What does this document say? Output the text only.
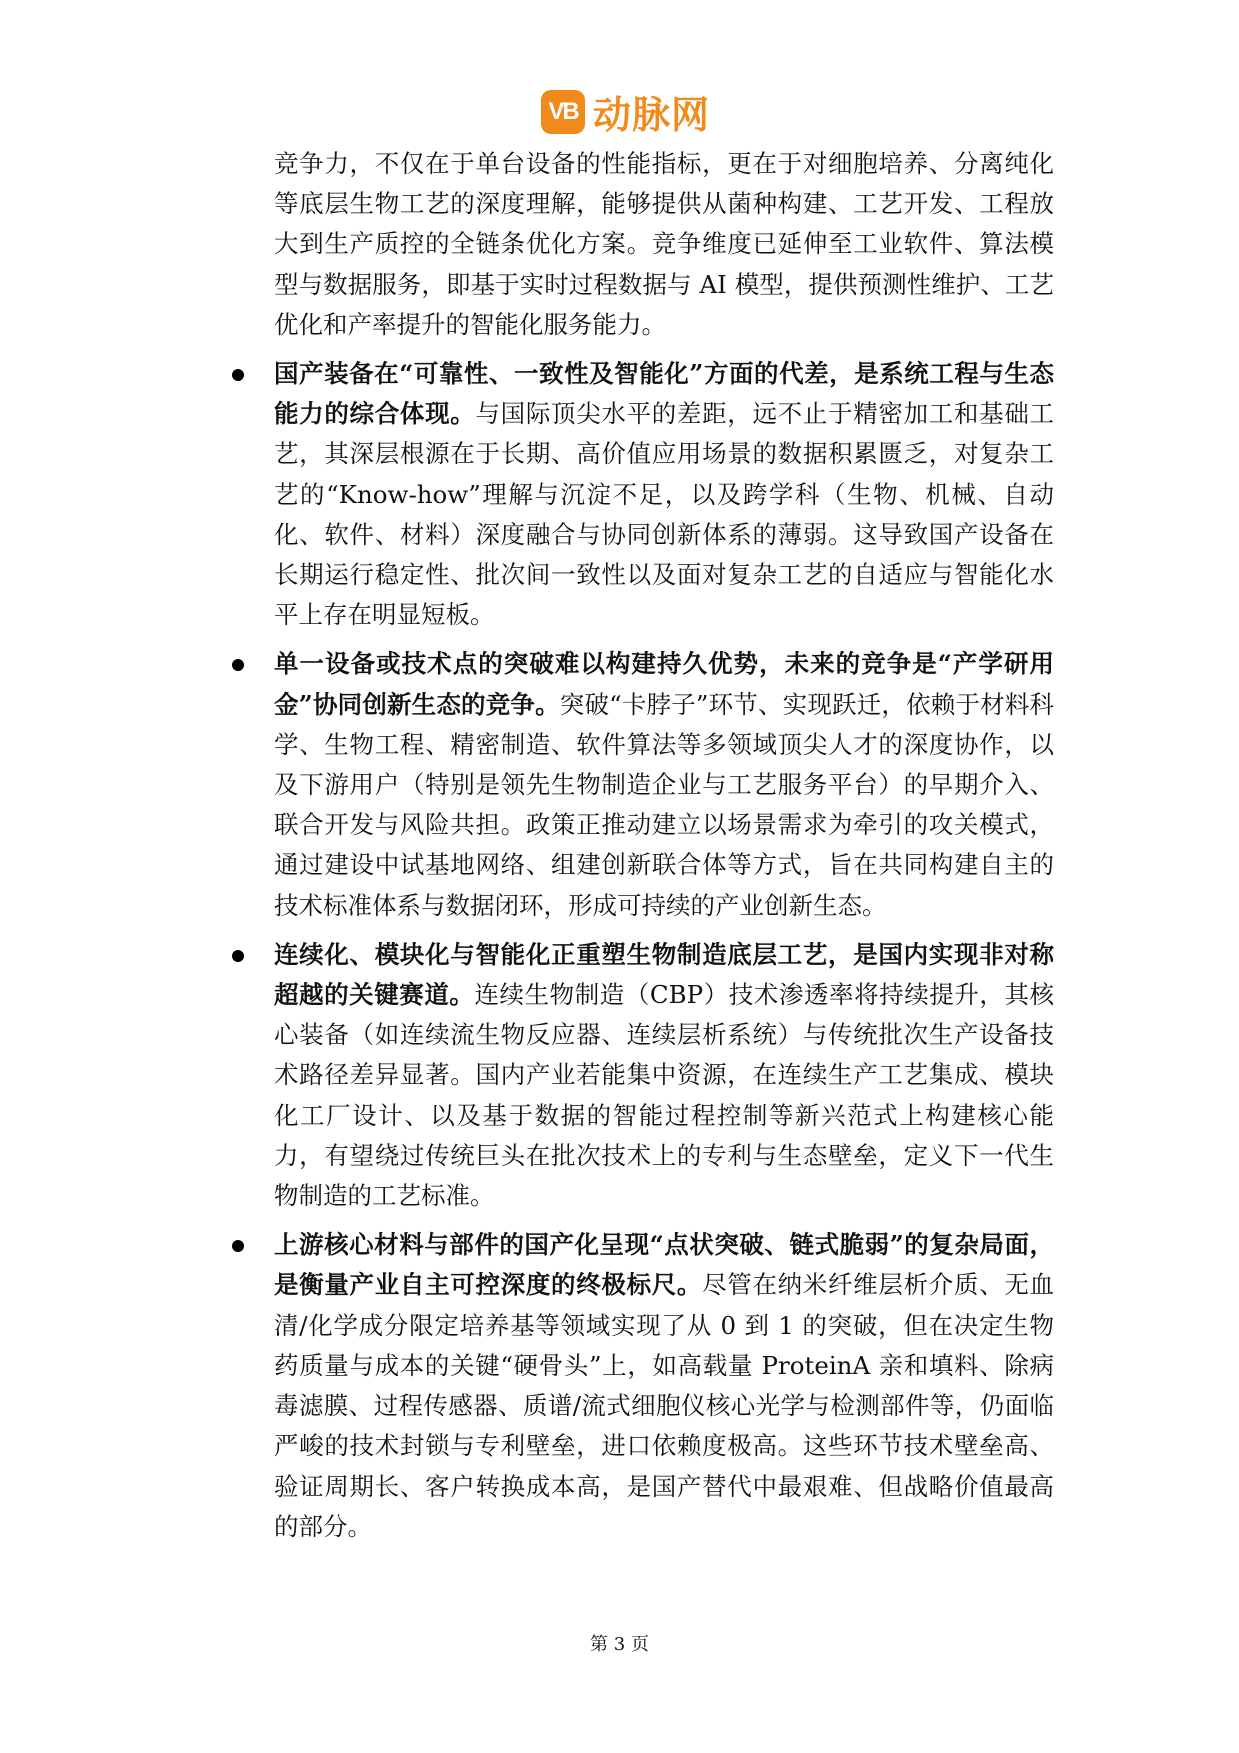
VB 动脉网

竞争力，不仅在于单台设备的性能指标，更在于对细胞培养、分离纯化等底层生物工艺的深度理解，能够提供从菌种构建、工艺开发、工程放大到生产质控的全链条优化方案。竞争维度已延伸至工业软件、算法模型与数据服务，即基于实时过程数据与 AI 模型，提供预测性维护、工艺优化和产率提升的智能化服务能力。

国产装备在“可靠性、一致性及智能化”方面的代差，是系统工程与生态能力的综合体现。与国际顶尖水平的差距，远不止于精密加工和基础工艺，其深层根源在于长期、高价值应用场景的数据积累匮乏，对复杂工艺的“Know-how”理解与沉淀不足，以及跨学科（生物、机械、自动化、软件、材料）深度融合与协同创新体系的薄弱。这导致国产设备在长期运行稳定性、批次间一致性以及面对复杂工艺的自适应与智能化水平上存在明显短板。
单一设备或技术点的突破难以构建持久优势，未来的竞争是“产学研用金”协同创新生态的竞争。突破“卡脖子”环节、实现跃迁，依赖于材料科学、生物工程、精密制造、软件算法等多领域顶尖人才的深度协作，以及下游用户（特别是领先生物制造企业与工艺服务平台）的早期介入、联合开发与风险共担。政策正推动建立以场景需求为牵引的攻关模式，通过建设中试基地网络、组建创新联合体等方式，旨在共同构建自主的技术标准体系与数据闭环，形成可持续的产业创新生态。
连续化、模块化与智能化正重塑生物制造底层工艺，是国内实现非对称超越的关键赛道。连续生物制造（CBP）技术渗透率将持续提升，其核心装备（如连续流生物反应器、连续层析系统）与传统批次生产设备技术路径差异显著。国内产业若能集中资源，在连续生产工艺集成、模块化工厂设计、以及基于数据的智能过程控制等新兴范式上构建核心能力，有望绕过传统巨头在批次技术上的专利与生态壁垒，定义下一代生物制造的工艺标准。
上游核心材料与部件的国产化呈现“点状突破、链式脆弱”的复杂局面，是衡量产业自主可控深度的终极标尺。尽管在纳米纤维层析介质、无血清/化学成分限定培养基等领域实现了从 0 到 1 的突破，但在决定生物药质量与成本的关键“硬骨头”上，如高载量 ProteinA 亲和填料、除病毒滤膜、过程传感器、质谱/流式细胞仪核心光学与检测部件等，仍面临严峻的技术封锁与专利壁垒，进口依赖度极高。这些环节技术壁垒高、验证周期长、客户转换成本高，是国产替代中最艰难、但战略价值最高的部分。
第 3 页
